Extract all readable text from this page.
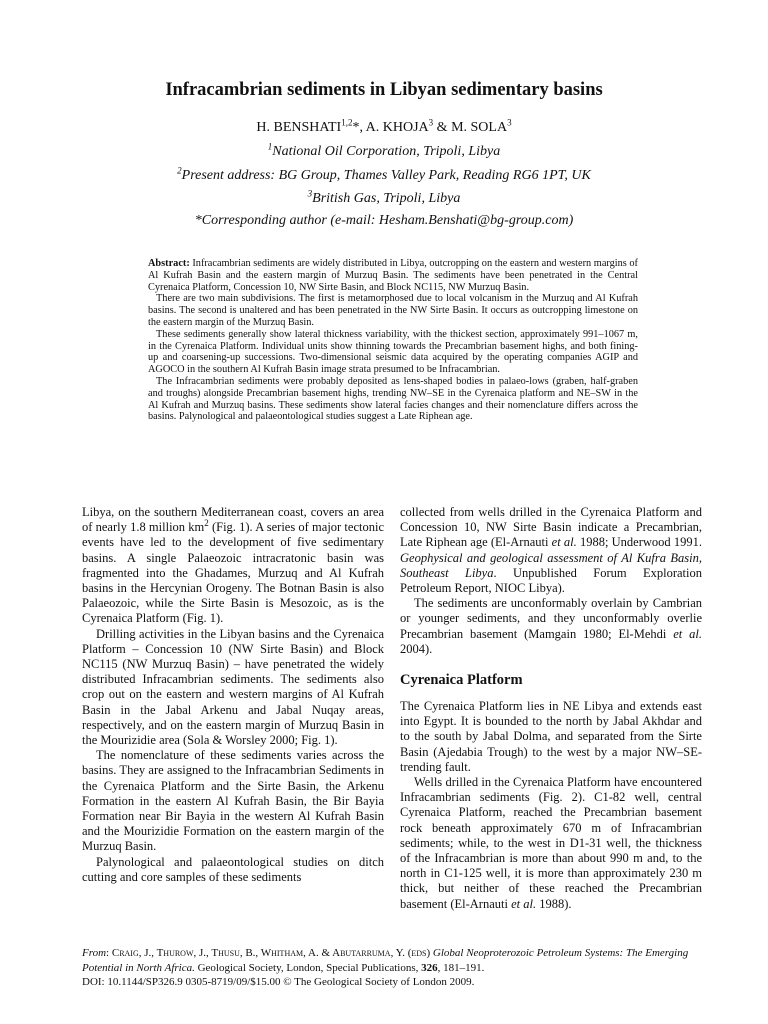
Infracambrian sediments in Libyan sedimentary basins
H. BENSHATI$^{1,2}$*, A. KHOJA$^3$ & M. SOLA$^3$
$^1$National Oil Corporation, Tripoli, Libya
$^2$Present address: BG Group, Thames Valley Park, Reading RG6 1PT, UK
$^3$British Gas, Tripoli, Libya
*Corresponding author (e-mail: Hesham.Benshati@bg-group.com)

Abstract: Infracambrian sediments are widely distributed in Libya, outcropping on the eastern and western margins of Al Kufrah Basin and the eastern margin of Murzuq Basin. The sediments have been penetrated in the Central Cyrenaica Platform, Concession 10, NW Sirte Basin, and Block NC115, NW Murzuq Basin.

There are two main subdivisions. The first is metamorphosed due to local volcanism in the Murzuq and Al Kufrah basins. The second is unaltered and has been penetrated in the NW Sirte Basin. It occurs as outcropping limestone on the eastern margin of the Murzuq Basin.

These sediments generally show lateral thickness variability, with the thickest section, approximately 991–1067 m, in the Cyrenaica Platform. Individual units show thinning towards the Precambrian basement highs, and both fining-up and coarsening-up successions. Two-dimensional seismic data acquired by the operating companies AGIP and AGOCO in the southern Al Kufrah Basin image strata presumed to be Infracambrian.

The Infracambrian sediments were probably deposited as lens-shaped bodies in palaeo-lows (graben, half-graben and troughs) alongside Precambrian basement highs, trending NW–SE in the Cyrenaica platform and NE–SW in the Al Kufrah and Murzuq basins. These sediments show lateral facies changes and their nomenclature differs across the basins. Palynological and palaeontological studies suggest a Late Riphean age.

Libya, on the southern Mediterranean coast, covers an area of nearly 1.8 million $km^2$ (Fig. 1). A series of major tectonic events have led to the development of five sedimentary basins. A single Palaeozoic intracratonic basin was fragmented into the Ghadames, Murzuq and Al Kufrah basins in the Hercynian Orogeny. The Botnan Basin is also Palaeozoic, while the Sirte Basin is Mesozoic, as is the Cyrenaica Platform (Fig. 1).

Drilling activities in the Libyan basins and the Cyrenaica Platform – Concession 10 (NW Sirte Basin) and Block NC115 (NW Murzuq Basin) – have penetrated the widely distributed Infracambrian sediments. The sediments also crop out on the eastern and western margins of Al Kufrah Basin in the Jabal Arkenu and Jabal Nuqay areas, respectively, and on the eastern margin of Murzuq Basin in the Mourizidie area (Sola & Worsley 2000; Fig. 1).

The nomenclature of these sediments varies across the basins. They are assigned to the Infracambrian Sediments in the Cyrenaica Platform and the Sirte Basin, the Arkenu Formation in the eastern Al Kufrah Basin, the Bir Bayia Formation near Bir Bayia in the western Al Kufrah Basin and the Mourizidie Formation on the eastern margin of the Murzuq Basin.

Palynological and palaeontological studies on ditch cutting and core samples of these sediments

collected from wells drilled in the Cyrenaica Platform and Concession 10, NW Sirte Basin indicate a Precambrian, Late Riphean age (El-Arnauti et al. 1988; Underwood 1991. Geophysical and geological assessment of Al Kufra Basin, Southeast Libya. Unpublished Forum Exploration Petroleum Report, NIOC Libya).

The sediments are unconformably overlain by Cambrian or younger sediments, and they unconformably overlie Precambrian basement (Mamgain 1980; El-Mehdi et al. 2004).

Cyrenaica Platform

The Cyrenaica Platform lies in NE Libya and extends east into Egypt. It is bounded to the north by Jabal Akhdar and to the south by Jabal Dolma, and separated from the Sirte Basin (Ajedabia Trough) to the west by a major NW–SE-trending fault.

Wells drilled in the Cyrenaica Platform have encountered Infracambrian sediments (Fig. 2). C1-82 well, central Cyrenaica Platform, reached the Precambrian basement rock beneath approximately 670 m of Infracambrian sediments; while, to the west in D1-31 well, the thickness of the Infracambrian is more than about 990 m and, to the north in C1-125 well, it is more than approximately 230 m thick, but neither of these reached the Precambrian basement (El-Arnauti et al. 1988).

From: Craig, J., Thurow, J., Thusu, B., Whitham, A. & Abutarruma, Y. (eds) Global Neoproterozoic Petroleum Systems: The Emerging Potential in North Africa. Geological Society, London, Special Publications, 326, 181–191.
DOI: 10.1144/SP326.9 0305-8719/09/$15.00 © The Geological Society of London 2009.
